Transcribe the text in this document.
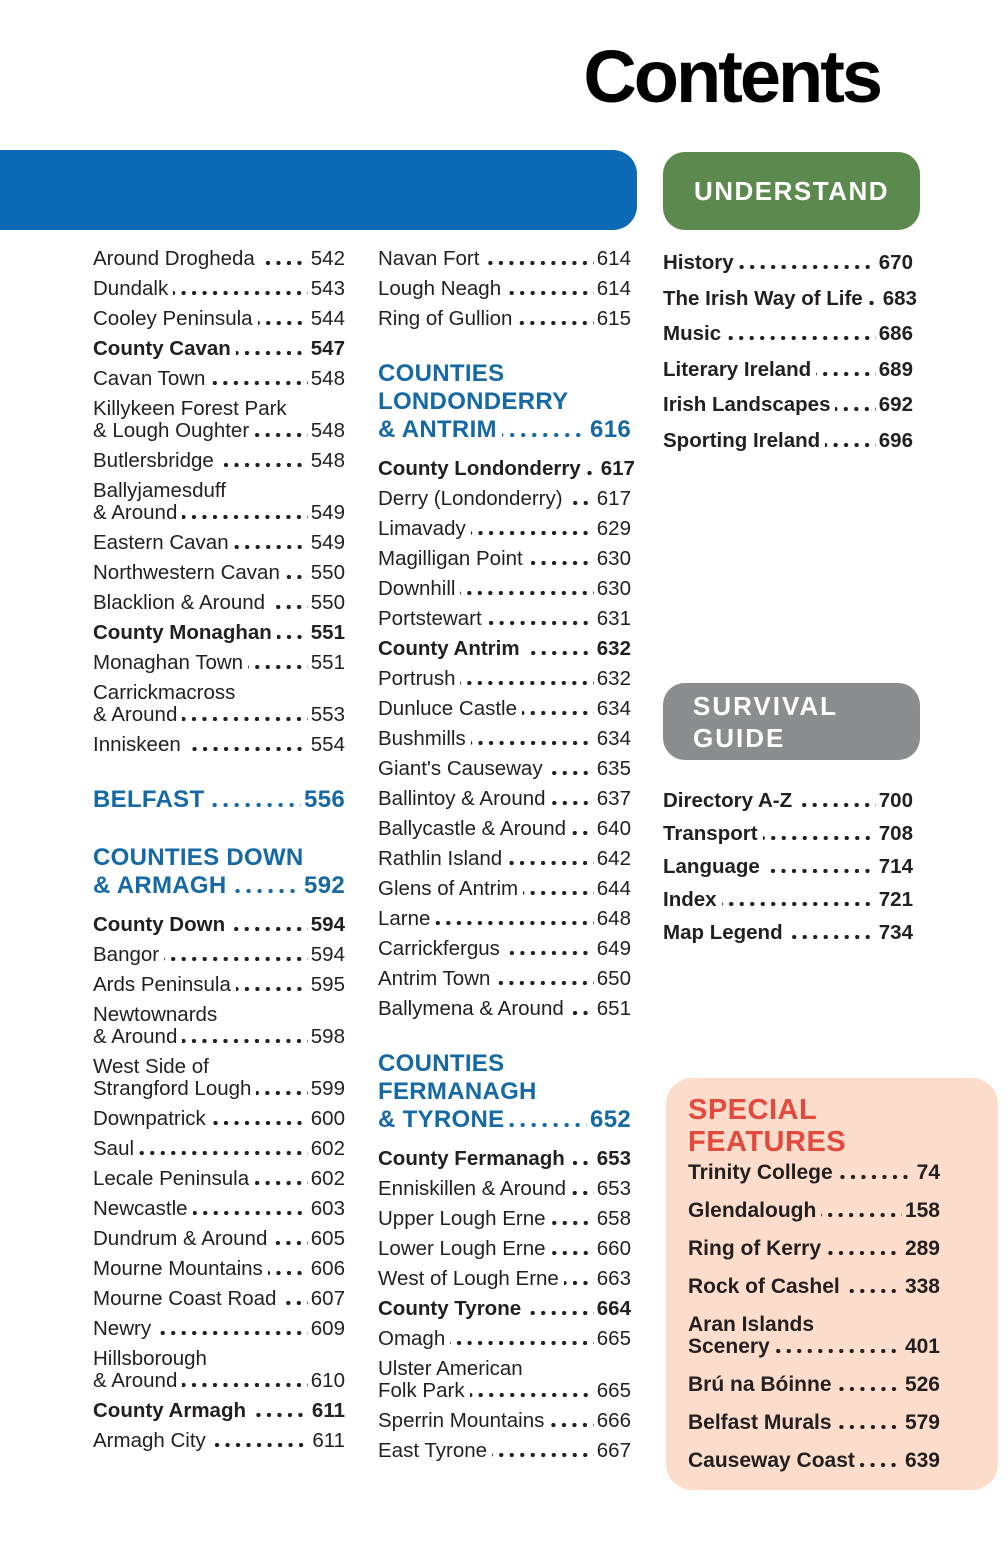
Contents
UNDERSTAND
Around Drogheda	542
Dundalk	543
Cooley Peninsula	544
County Cavan	547
Cavan Town	548
Killykeen Forest Park
& Lough Oughter	548
Butlersbridge	548
Ballyjamesduff
& Around	549
Eastern Cavan	549
Northwestern Cavan 550
Blacklion & Around 550
County Monaghan 551
Monaghan Town	551
Carrickmacross
& Around	553
Inniskeen	554
BELFAST	556
COUNTIES DOWN
& ARMAGH	592
County Down	594
Bangor	594
Ards Peninsula	595
Newtownards
& Around	598
West Side of
Strangford Lough	599
Downpatrick	600
Saul	602
Lecale Peninsula	602
Newcastle	603
Dundrum & Around 605
Mourne Mountains 606
Mourne Coast Road 607
Newry	609
Hillsborough
& Around	610
County Armagh	611
Armagh City	611
Navan Fort	614
Lough Neagh	614
Ring of Gullion	615
COUNTIES
LONDONDERRY
& ANTRIM	616
County Londonderry 617
Derry (Londonderry) 617
Limavady	629
Magilligan Point	630
Downhill	630
Portstewart	631
County Antrim	632
Portrush	632
Dunluce Castle	634
Bushmills	634
Giant's Causeway	635
Ballintoy & Around	637
Ballycastle & Around 640
Rathlin Island	642
Glens of Antrim	644
Larne	648
Carrickfergus	649
Antrim Town	650
Ballymena & Around 651
COUNTIES
FERMANAGH
& TYRONE	652
County Fermanagh 653
Enniskillen & Around 653
Upper Lough Erne 658
Lower Lough Erne 660
West of Lough Erne 663
County Tyrone	664
Omagh	665
Ulster American
Folk Park	665
Sperrin Mountains	666
East Tyrone	667
History	670
The Irish Way of Life 683
Music	686
Literary Ireland	689
Irish Landscapes 692
Sporting Ireland	696
SURVIVAL
GUIDE
Directory A-Z	700
Transport	708
Language	714
Index	721
Map Legend	734
SPECIAL
FEATURES
Trinity College	74
Glendalough	158
Ring of Kerry	289
Rock of Cashel	338
Aran Islands
Scenery	401
Brú na Bóinne	526
Belfast Murals	579
Causeway Coast 639
